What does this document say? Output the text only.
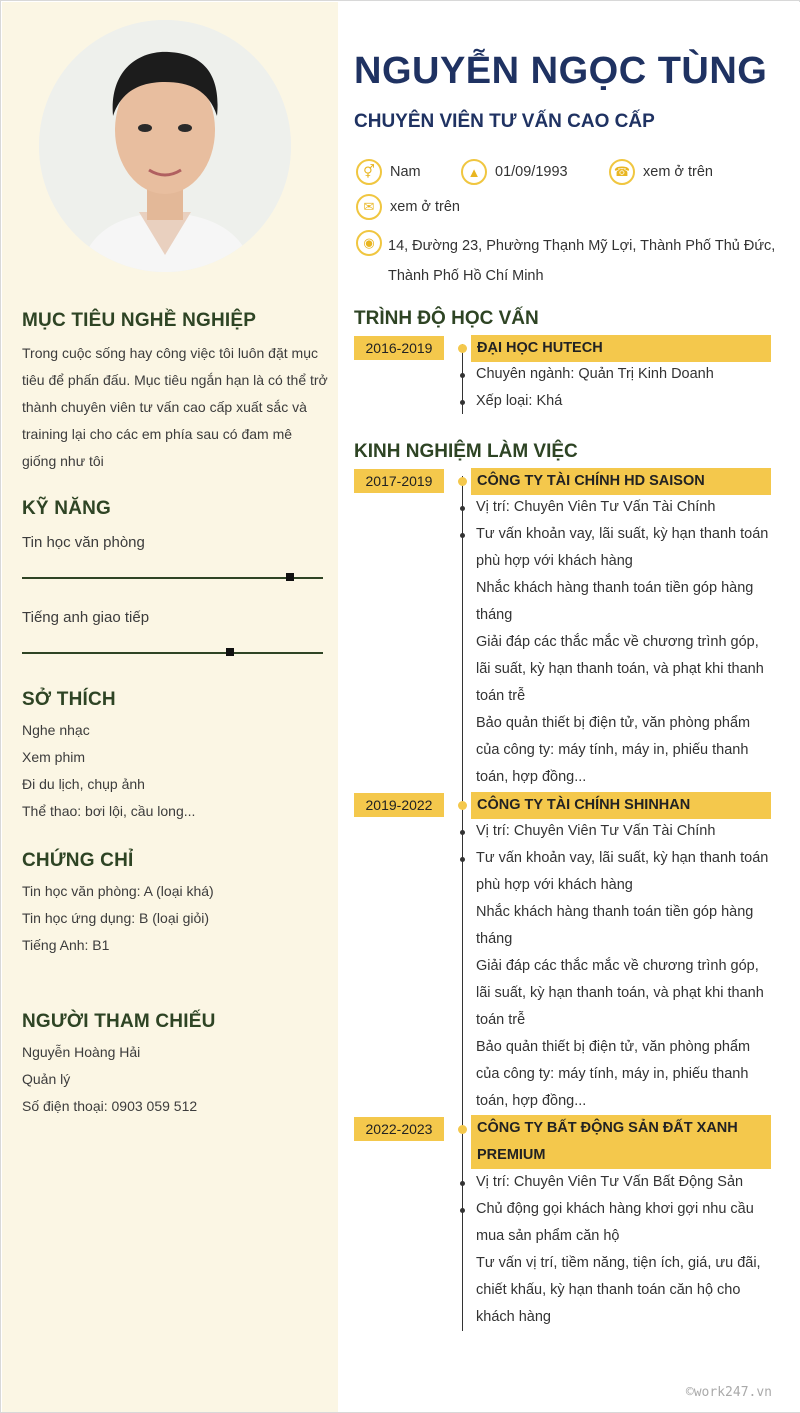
MỤC TIÊU NGHỀ NGHIỆP
Trong cuộc sống hay công việc tôi luôn đặt mục
tiêu để phấn đấu. Mục tiêu ngắn hạn là có thể trở
thành chuyên viên tư vấn cao cấp xuất sắc và
training lại cho các em phía sau có đam mê
giống như tôi
KỸ NĂNG
Tin học văn phòng
Tiếng anh giao tiếp
SỞ THÍCH
Nghe nhạc
Xem phim
Đi du lịch, chụp ảnh
Thể thao: bơi lội, cầu long...
CHỨNG CHỈ
Tin học văn phòng: A (loại khá)
Tin học ứng dụng: B (loại giỏi)
Tiếng Anh: B1
NGƯỜI THAM CHIẾU
Nguyễn Hoàng Hải
Quản lý
Số điện thoại: 0903 059 512
NGUYỄN NGỌC TÙNG
CHUYÊN VIÊN TƯ VẤN CAO CẤP
⚥	Nam	▲	01/09/1993	☎ xem ở trên
✉	xem ở trên
◉ 14, Đường 23, Phường Thạnh Mỹ Lợi, Thành Phố Thủ Đức,
Thành Phố Hồ Chí Minh
TRÌNH ĐỘ HỌC VẤN
2016-2019	ĐẠI HỌC HUTECH
Chuyên ngành: Quản Trị Kinh Doanh
Xếp loại: Khá
KINH NGHIỆM LÀM VIỆC
2017-2019	CÔNG TY TÀI CHÍNH HD SAISON
Vị trí: Chuyên Viên Tư Vấn Tài Chính
Tư vấn khoản vay, lãi suất, kỳ hạn thanh toán
phù hợp với khách hàng
Nhắc khách hàng thanh toán tiền góp hàng
tháng
Giải đáp các thắc mắc về chương trình góp,
lãi suất, kỳ hạn thanh toán, và phạt khi thanh
toán trễ
Bảo quản thiết bị điện tử, văn phòng phẩm
của công ty: máy tính, máy in, phiếu thanh
toán, hợp đồng...
2019-2022	CÔNG TY TÀI CHÍNH SHINHAN
Vị trí: Chuyên Viên Tư Vấn Tài Chính
Tư vấn khoản vay, lãi suất, kỳ hạn thanh toán
phù hợp với khách hàng
Nhắc khách hàng thanh toán tiền góp hàng
tháng
Giải đáp các thắc mắc về chương trình góp,
lãi suất, kỳ hạn thanh toán, và phạt khi thanh
toán trễ
Bảo quản thiết bị điện tử, văn phòng phẩm
của công ty: máy tính, máy in, phiếu thanh
toán, hợp đồng...
2022-2023	CÔNG TY BẤT ĐỘNG SẢN ĐẤT XANH
PREMIUM
Vị trí: Chuyên Viên Tư Vấn Bất Động Sản
Chủ động gọi khách hàng khơi gợi nhu cầu
mua sản phẩm căn hộ
Tư vấn vị trí, tiềm năng, tiện ích, giá, ưu đãi,
chiết khấu, kỳ hạn thanh toán căn hộ cho
khách hàng
©work247.vn
